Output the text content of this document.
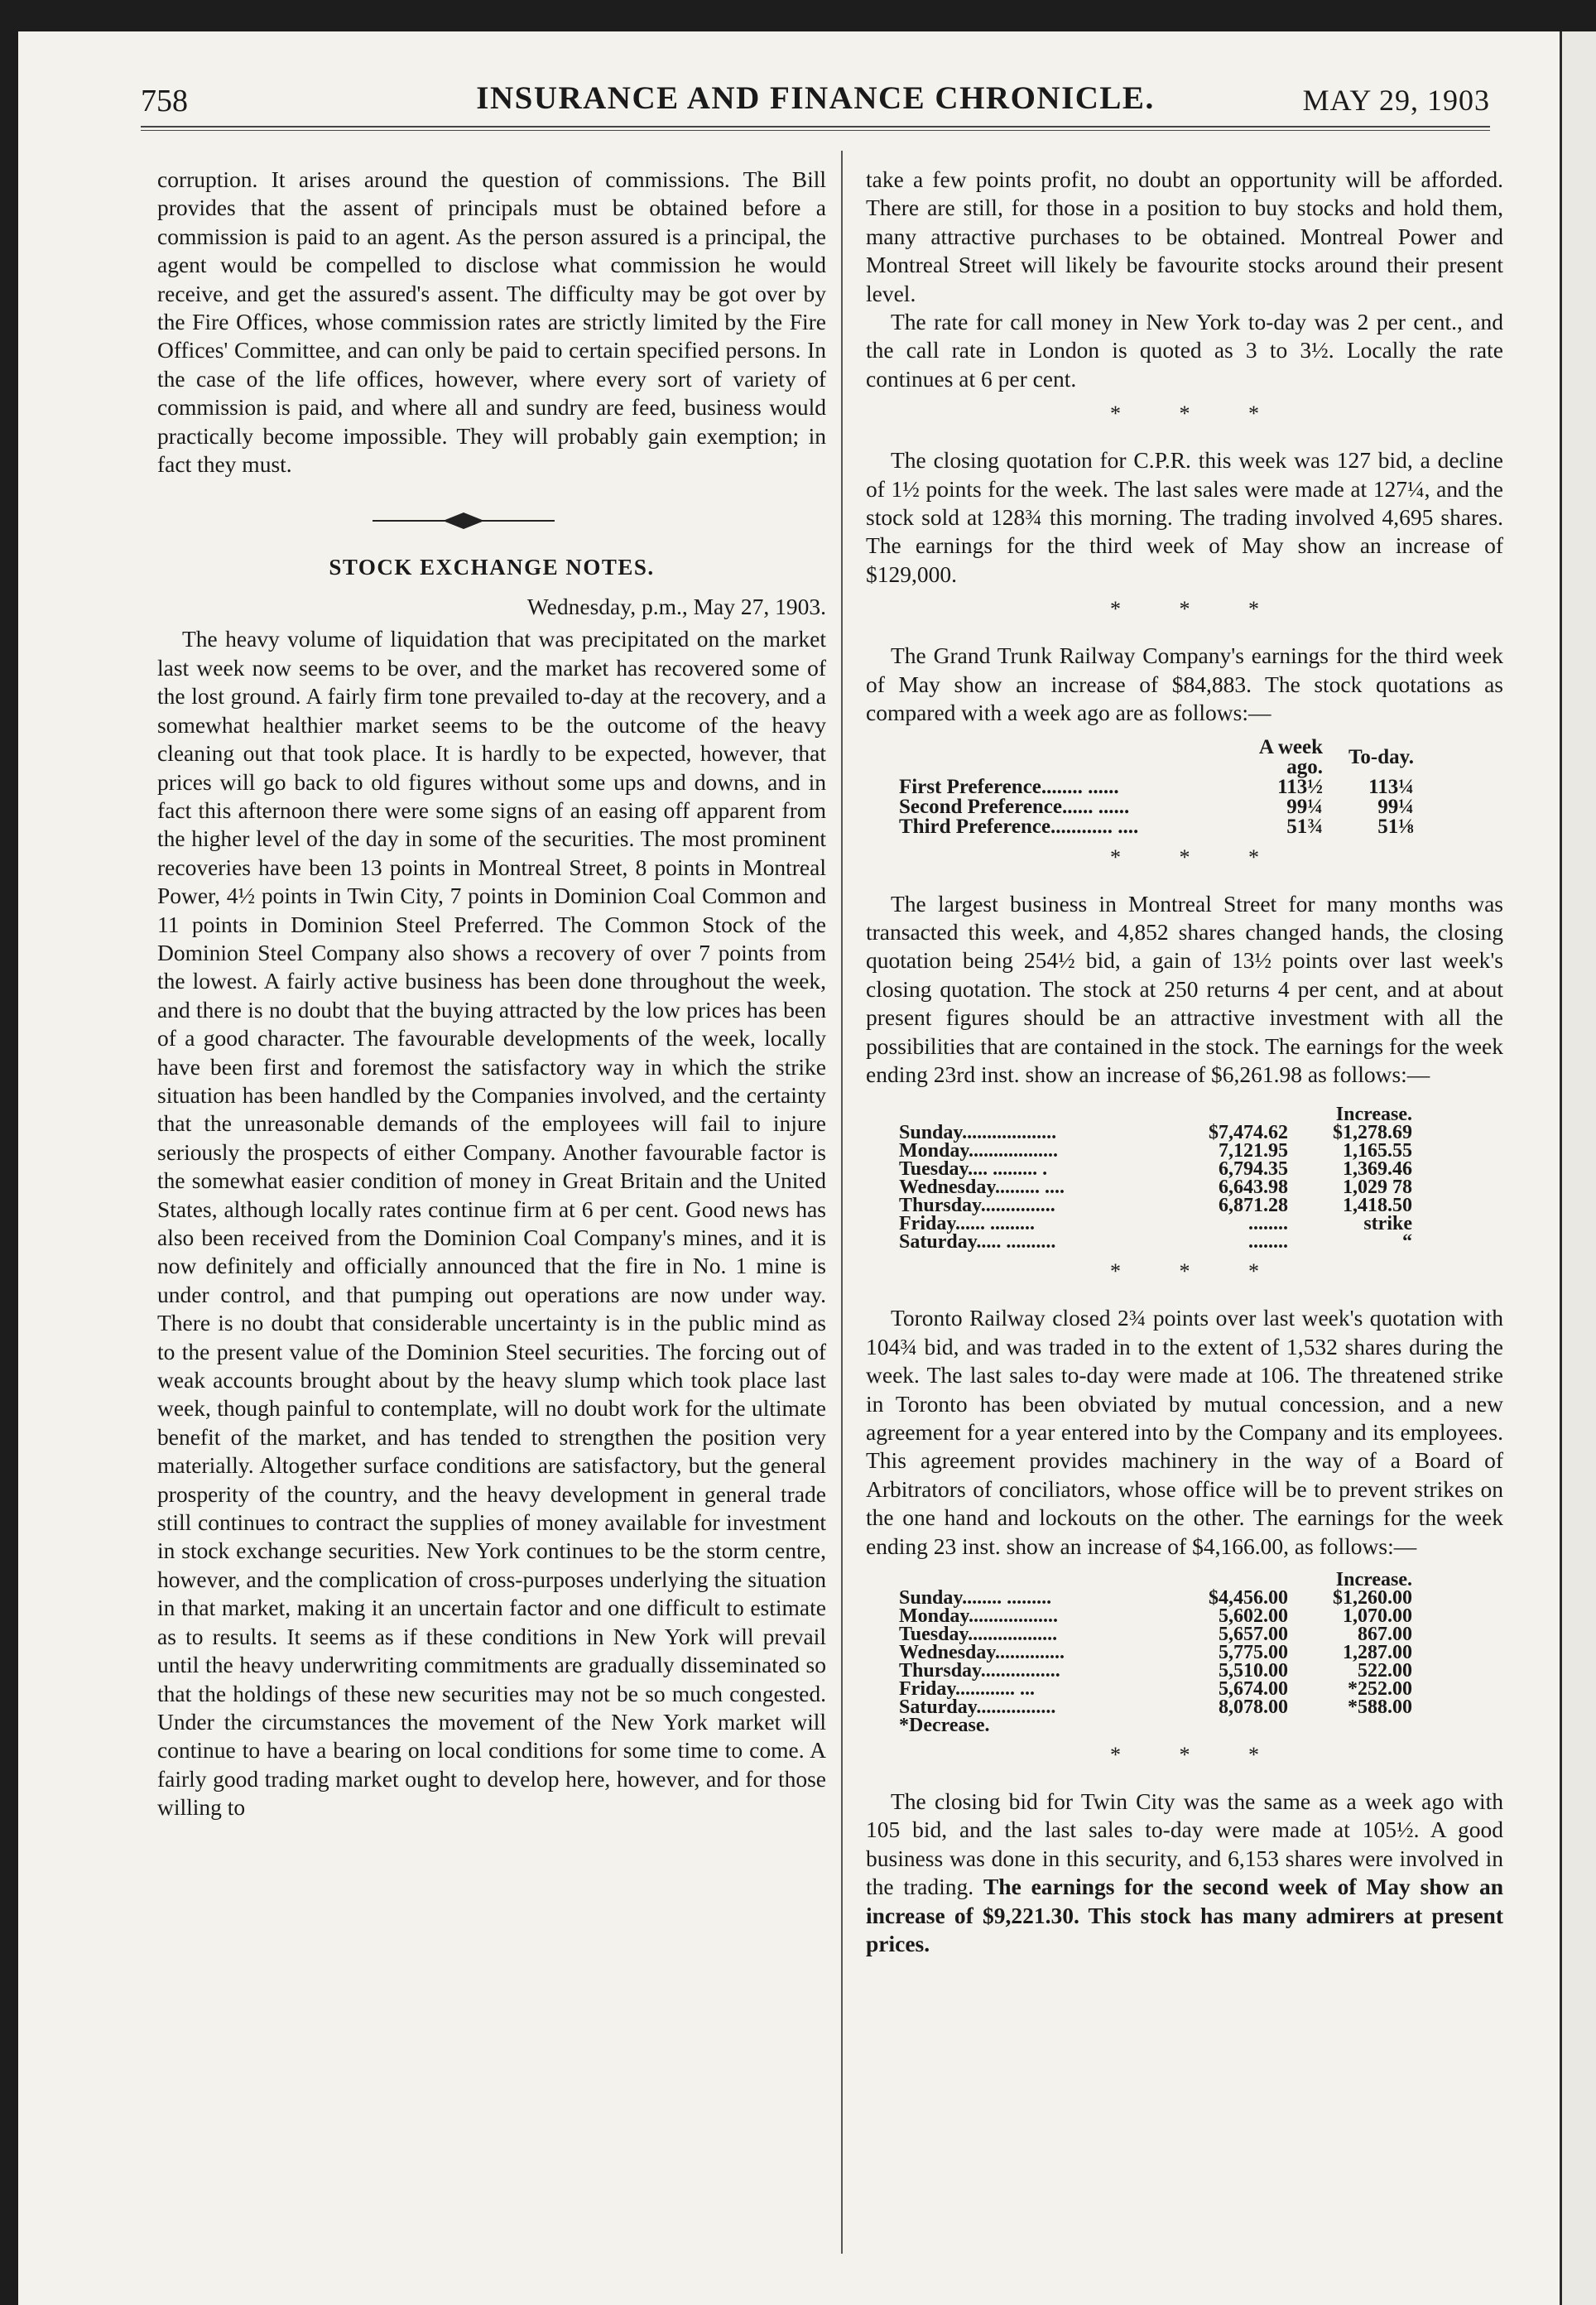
758	INSURANCE AND FINANCE CHRONICLE.	MAY 29, 1903

corruption. It arises around the question of commissions. The Bill provides that the assent of principals must be obtained before a commission is paid to an agent. As the person assured is a principal, the agent would be compelled to disclose what commission he would receive, and get the assured's assent. The difficulty may be got over by the Fire Offices, whose commission rates are strictly limited by the Fire Offices' Committee, and can only be paid to certain specified persons. In the case of the life offices, however, where every sort of variety of commission is paid, and where all and sundry are feed, business would practically become impossible. They will probably gain exemption; in fact they must.

STOCK EXCHANGE NOTES.
Wednesday, p.m., May 27, 1903.

The heavy volume of liquidation that was precipitated on the market last week now seems to be over, and the market has recovered some of the lost ground. A fairly firm tone prevailed to-day at the recovery, and a somewhat healthier market seems to be the outcome of the heavy cleaning out that took place. It is hardly to be expected, however, that prices will go back to old figures without some ups and downs, and in fact this afternoon there were some signs of an easing off apparent from the higher level of the day in some of the securities. The most prominent recoveries have been 13 points in Montreal Street, 8 points in Montreal Power, 4½ points in Twin City, 7 points in Dominion Coal Common and 11 points in Dominion Steel Preferred. The Common Stock of the Dominion Steel Company also shows a recovery of over 7 points from the lowest. A fairly active business has been done throughout the week, and there is no doubt that the buying attracted by the low prices has been of a good character. The favourable developments of the week, locally have been first and foremost the satisfactory way in which the strike situation has been handled by the Companies involved, and the certainty that the unreasonable demands of the employees will fail to injure seriously the prospects of either Company. Another favourable factor is the somewhat easier condition of money in Great Britain and the United States, although locally rates continue firm at 6 per cent. Good news has also been received from the Dominion Coal Company's mines, and it is now definitely and officially announced that the fire in No. 1 mine is under control, and that pumping out operations are now under way. There is no doubt that considerable uncertainty is in the public mind as to the present value of the Dominion Steel securities. The forcing out of weak accounts brought about by the heavy slump which took place last week, though painful to contemplate, will no doubt work for the ultimate benefit of the market, and has tended to strengthen the position very materially. Altogether surface conditions are satisfactory, but the general prosperity of the country, and the heavy development in general trade still continues to contract the supplies of money available for investment in stock exchange securities. New York continues to be the storm centre, however, and the complication of cross-purposes underlying the situation in that market, making it an uncertain factor and one difficult to estimate as to results. It seems as if these conditions in New York will prevail until the heavy underwriting commitments are gradually disseminated so that the holdings of these new securities may not be so much congested. Under the circumstances the movement of the New York market will continue to have a bearing on local conditions for some time to come. A fairly good trading market ought to develop here, however, and for those willing to

take a few points profit, no doubt an opportunity will be afforded. There are still, for those in a position to buy stocks and hold them, many attractive purchases to be obtained. Montreal Power and Montreal Street will likely be favourite stocks around their present level.

The rate for call money in New York to-day was 2 per cent., and the call rate in London is quoted as 3 to 3½. Locally the rate continues at 6 per cent.

* * *

The closing quotation for C.P.R. this week was 127 bid, a decline of 1½ points for the week. The last sales were made at 127¼, and the stock sold at 128¾ this morning. The trading involved 4,695 shares. The earnings for the third week of May show an increase of $129,000.

* * *

The Grand Trunk Railway Company's earnings for the third week of May show an increase of $84,883. The stock quotations as compared with a week ago are as follows:—

	A week ago.	To-day.
First Preference........ ......	113½	113¼
Second Preference...... ......	99¼	99¼
Third Preference............ ....	51¾	51⅛
* * *

The largest business in Montreal Street for many months was transacted this week, and 4,852 shares changed hands, the closing quotation being 254½ bid, a gain of 13½ points over last week's closing quotation. The stock at 250 returns 4 per cent, and at about present figures should be an attractive investment with all the possibilities that are contained in the stock. The earnings for the week ending 23rd inst. show an increase of $6,261.98 as follows:—

		Increase.
Sunday...................	$7,474.62	$1,278.69
Monday..................	7,121.95	1,165.55
Tuesday.... ......... .	6,794.35	1,369.46
Wednesday......... ....	6,643.98	1,029 78
Thursday...............	6,871.28	1,418.50
Friday...... .........	........	strike
Saturday..... ..........	........	“
* * *

Toronto Railway closed 2¾ points over last week's quotation with 104¾ bid, and was traded in to the extent of 1,532 shares during the week. The last sales to-day were made at 106. The threatened strike in Toronto has been obviated by mutual concession, and a new agreement for a year entered into by the Company and its employees. This agreement provides machinery in the way of a Board of Arbitrators of conciliators, whose office will be to prevent strikes on the one hand and lockouts on the other. The earnings for the week ending 23 inst. show an increase of $4,166.00, as follows:—

		Increase.
Sunday........ .........	$4,456.00	$1,260.00
Monday..................	5,602.00	1,070.00
Tuesday..................	5,657.00	867.00
Wednesday..............	5,775.00	1,287.00
Thursday................	5,510.00	522.00
Friday............ ...	5,674.00	*252.00
Saturday................	8,078.00	*588.00
*Decrease.		
* * *

The closing bid for Twin City was the same as a week ago with 105 bid, and the last sales to-day were made at 105½. A good business was done in this security, and 6,153 shares were involved in the trading. The earnings for the second week of May show an increase of $9,221.30. This stock has many admirers at present prices.
